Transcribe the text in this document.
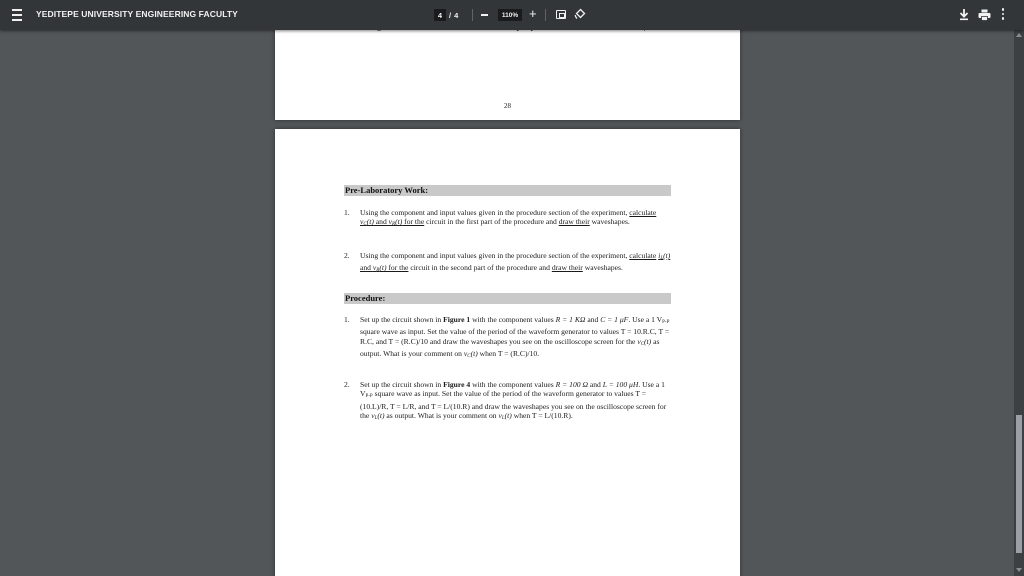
YEDITEPE UNIVERSITY ENGINEERING FACULTY
4	/ 4
110%	+
28
Pre-Laboratory Work:
1. Using the component and input values given in the procedure section of the experiment, calculate $v_C(t)$ and $v_R(t)$ for the circuit in the first part of the procedure and draw their waveshapes.
2. Using the component and input values given in the procedure section of the experiment, calculate $i_L(t)$ and $v_R(t)$ for the circuit in the second part of the procedure and draw their waveshapes.
Procedure:
1. Set up the circuit shown in Figure 1 with the component values R = 1 KΩ and C = 1 μF. Use a 1 $V_{P-P}$ square wave as input. Set the value of the period of the waveform generator to values T = 10.R.C, T = R.C, and T = (R.C)/10 and draw the waveshapes you see on the oscilloscope screen for the $v_C(t)$ as output. What is your comment on $v_C(t)$ when T = (R.C)/10.
2. Set up the circuit shown in Figure 4 with the component values R = 100 Ω and L = 100 μH. Use a 1 $V_{P-P}$ square wave as input. Set the value of the period of the waveform generator to values T = (10.L)/R, T = L/R, and T = L/(10.R) and draw the waveshapes you see on the oscilloscope screen for the $v_L(t)$ as output. What is your comment on $v_L(t)$ when T = L/(10.R).
